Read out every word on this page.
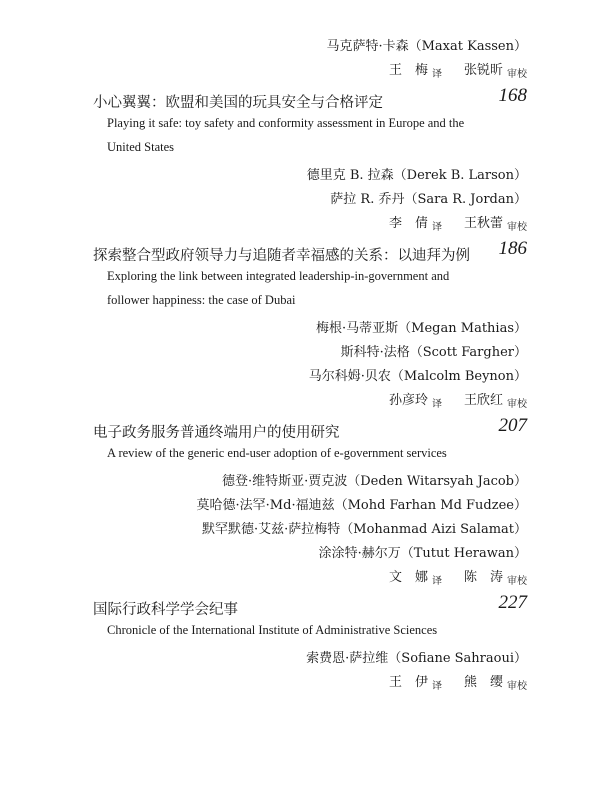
马克萨特·卡森（Maxat Kassen）
王　梅 $_译$ 张锐昕 $_{审校}$
小心翼翼：欧盟和美国的玩具安全与合格评定	168
Playing it safe: toy safety and conformity assessment in Europe and the
United States
德里克 B. 拉森（Derek B. Larson）
萨拉 R. 乔丹（Sara R. Jordan）
李　倩 $_译$ 王秋蕾 $_{审校}$
探索整合型政府领导力与追随者幸福感的关系：以迪拜为例 186
Exploring the link between integrated leadership-in-government and
follower happiness: the case of Dubai
梅根·马蒂亚斯（Megan Mathias）
斯科特·法格（Scott Fargher）
马尔科姆·贝农（Malcolm Beynon）
孙彦玲 $_译$ 王欣红 $_{审校}$
电子政务服务普通终端用户的使用研究	207
A review of the generic end-user adoption of e-government services
德登·维特斯亚·贾克波（Deden Witarsyah Jacob）
莫哈德·法罕·Md·福迪兹（Mohd Farhan Md Fudzee）
默罕默德·艾兹·萨拉梅特（Mohanmad Aizi Salamat）
涂涂特·赫尔万（Tutut Herawan）
文　娜 $_译$ 陈　涛 $_{审校}$
国际行政科学学会纪事	227
Chronicle of the International Institute of Administrative Sciences
索费恩·萨拉维（Sofiane Sahraoui）
王　伊 $_译$ 熊　缨 $_{审校}$
